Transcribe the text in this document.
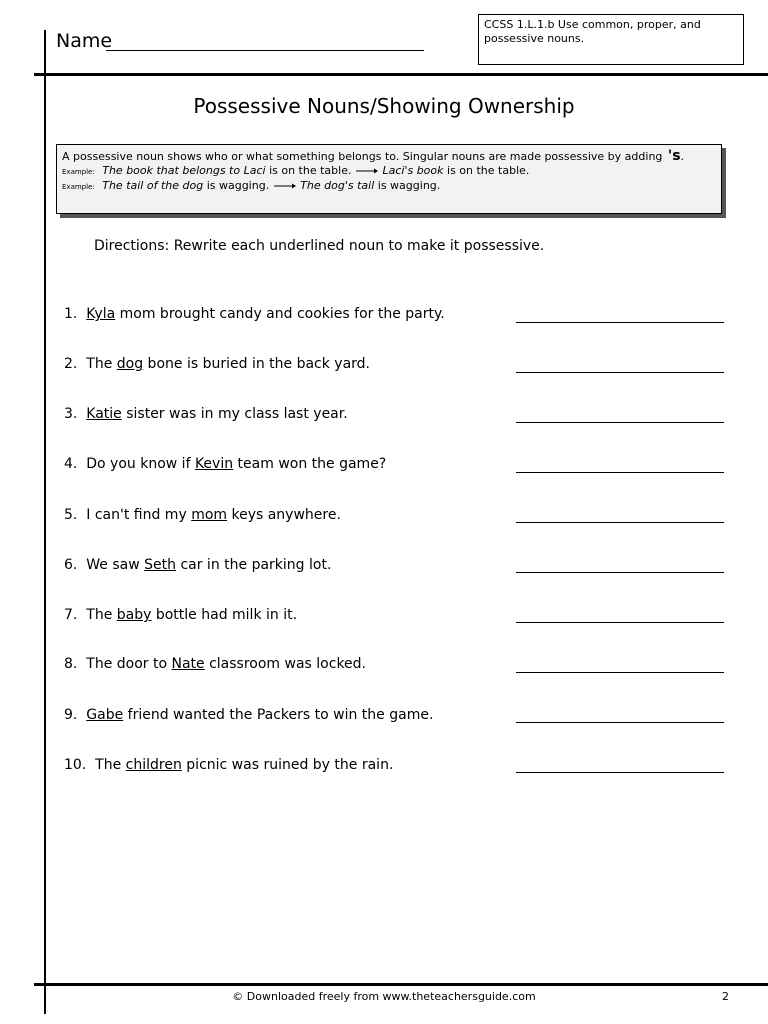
Name
CCSS 1.L.1.b Use common, proper, and possessive nouns.
Possessive Nouns/Showing Ownership
A possessive noun shows who or what something belongs to. Singular nouns are made possessive by adding 's.
Example: The book that belongs to Laci is on the table.	Laci's book is on the table.
Example: The tail of the dog is wagging.	The dog's tail is wagging.
Directions: Rewrite each underlined noun to make it possessive.
1. Kyla mom brought candy and cookies for the party.
2. The dog bone is buried in the back yard.
3. Katie sister was in my class last year.
4. Do you know if Kevin team won the game?
5. I can't find my mom keys anywhere.
6. We saw Seth car in the parking lot.
7. The baby bottle had milk in it.
8. The door to Nate classroom was locked.
9. Gabe friend wanted the Packers to win the game.
10.  The children picnic was ruined by the rain.
© Downloaded freely from www.theteachersguide.com	2
